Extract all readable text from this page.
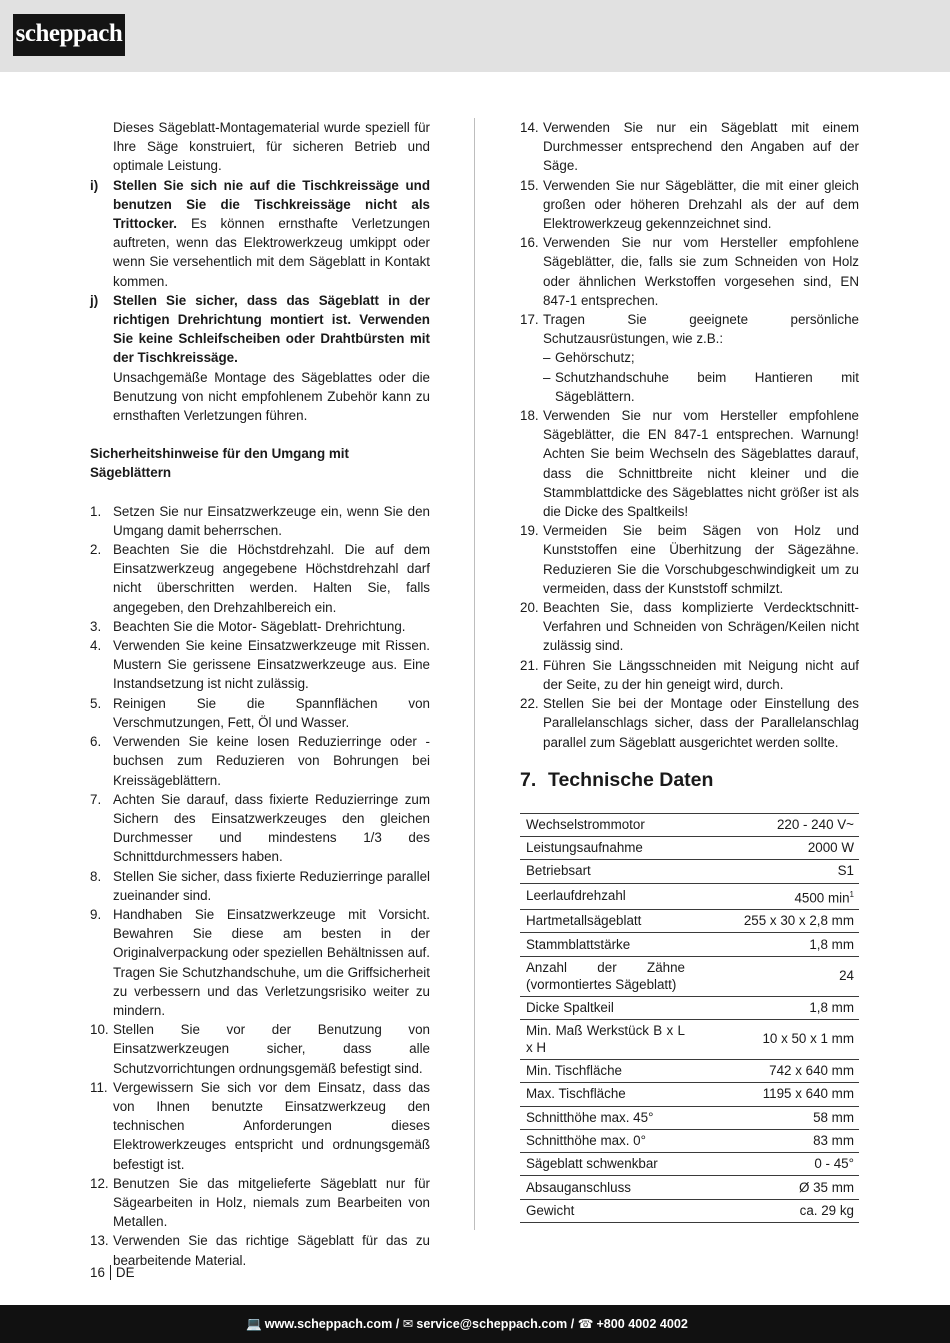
scheppach

Dieses Sägeblatt-Montagematerial wurde speziell für Ihre Säge konstruiert, für sicheren Betrieb und optimale Leistung.

i)	Stellen Sie sich nie auf die Tischkreissäge und benutzen Sie die Tischkreissäge nicht als Trittocker. Es können ernsthafte Verletzungen auftreten, wenn das Elektrowerkzeug umkippt oder wenn Sie versehentlich mit dem Sägeblatt in Kontakt kommen.
j)	Stellen Sie sicher, dass das Sägeblatt in der richtigen Drehrichtung montiert ist. Verwenden Sie keine Schleifscheiben oder Drahtbürsten mit der Tischkreissäge.

Unsachgemäße Montage des Sägeblattes oder die Benutzung von nicht empfohlenem Zubehör kann zu ernsthaften Verletzungen führen.

Sicherheitshinweise für den Umgang mit Sägeblättern

1. Setzen Sie nur Einsatzwerkzeuge ein, wenn Sie den Umgang damit beherrschen.
2. Beachten Sie die Höchstdrehzahl. Die auf dem Einsatzwerkzeug angegebene Höchstdrehzahl darf nicht überschritten werden. Halten Sie, falls angegeben, den Drehzahlbereich ein.
3. Beachten Sie die Motor- Sägeblatt- Drehrichtung.
4. Verwenden Sie keine Einsatzwerkzeuge mit Rissen. Mustern Sie gerissene Einsatzwerkzeuge aus. Eine Instandsetzung ist nicht zulässig.
5. Reinigen Sie die Spannflächen von Verschmutzungen, Fett, Öl und Wasser.
6. Verwenden Sie keine losen Reduzierringe oder -buchsen zum Reduzieren von Bohrungen bei Kreissägeblättern.
7. Achten Sie darauf, dass fixierte Reduzierringe zum Sichern des Einsatzwerkzeuges den gleichen Durchmesser und mindestens 1/3 des Schnittdurchmessers haben.
8. Stellen Sie sicher, dass fixierte Reduzierringe parallel zueinander sind.
9. Handhaben Sie Einsatzwerkzeuge mit Vorsicht. Bewahren Sie diese am besten in der Originalverpackung oder speziellen Behältnissen auf. Tragen Sie Schutzhandschuhe, um die Griffsicherheit zu verbessern und das Verletzungsrisiko weiter zu mindern.
10. Stellen Sie vor der Benutzung von Einsatzwerkzeugen sicher, dass alle Schutzvorrichtungen ordnungsgemäß befestigt sind.
11. Vergewissern Sie sich vor dem Einsatz, dass das von Ihnen benutzte Einsatzwerkzeug den technischen Anforderungen dieses Elektrowerkzeuges entspricht und ordnungsgemäß befestigt ist.
12. Benutzen Sie das mitgelieferte Sägeblatt nur für Sägearbeiten in Holz, niemals zum Bearbeiten von Metallen.
13. Verwenden Sie das richtige Sägeblatt für das zu bearbeitende Material.
14. Verwenden Sie nur ein Sägeblatt mit einem Durchmesser entsprechend den Angaben auf der Säge.
15. Verwenden Sie nur Sägeblätter, die mit einer gleich großen oder höheren Drehzahl als der auf dem Elektrowerkzeug gekennzeichnet sind.
16. Verwenden Sie nur vom Hersteller empfohlene Sägeblätter, die, falls sie zum Schneiden von Holz oder ähnlichen Werkstoffen vorgesehen sind, EN 847-1 entsprechen.
17. Tragen Sie geeignete persönliche Schutzausrüstungen, wie z.B.:

– Gehörschutz;
– Schutzhandschuhe beim Hantieren mit Sägeblättern.
18. Verwenden Sie nur vom Hersteller empfohlene Sägeblätter, die EN 847-1 entsprechen. Warnung! Achten Sie beim Wechseln des Sägeblattes darauf, dass die Schnittbreite nicht kleiner und die Stammblattdicke des Sägeblattes nicht größer ist als die Dicke des Spaltkeils!
19. Vermeiden Sie beim Sägen von Holz und Kunststoffen eine Überhitzung der Sägezähne. Reduzieren Sie die Vorschubgeschwindigkeit um zu vermeiden, dass der Kunststoff schmilzt.
20. Beachten Sie, dass komplizierte Verdecktschnitt-Verfahren und Schneiden von Schrägen/Keilen nicht zulässig sind.
21. Führen Sie Längsschneiden mit Neigung nicht auf der Seite, zu der hin geneigt wird, durch.
22. Stellen Sie bei der Montage oder Einstellung des Parallelanschlags sicher, dass der Parallelanschlag parallel zum Sägeblatt ausgerichtet werden sollte.
7. Technische Daten
Wechselstrommotor	220 - 240 V~
Leistungsaufnahme	2000 W
Betriebsart	S1
Leerlaufdrehzahl	4500 $\min^1$
Hartmetallsägeblatt	255 x 30 x 2,8 mm
Stammblattstärke	1,8 mm
Anzahl der Zähne (vormontiertes Sägeblatt)	24
Dicke Spaltkeil	1,8 mm
Min. Maß Werkstück B x L x H	10 x 50 x 1 mm
Min. Tischfläche	742 x 640 mm
Max. Tischfläche	1195 x 640 mm
Schnitthöhe max. 45°	58 mm
Schnitthöhe max. 0°	83 mm
Sägeblatt schwenkbar	0 - 45°
Absauganschluss	Ø 35 mm
Gewicht	ca. 29 kg
16 DE
💻 www.scheppach.com / ✉ service@scheppach.com / ☎ +800 4002 4002
